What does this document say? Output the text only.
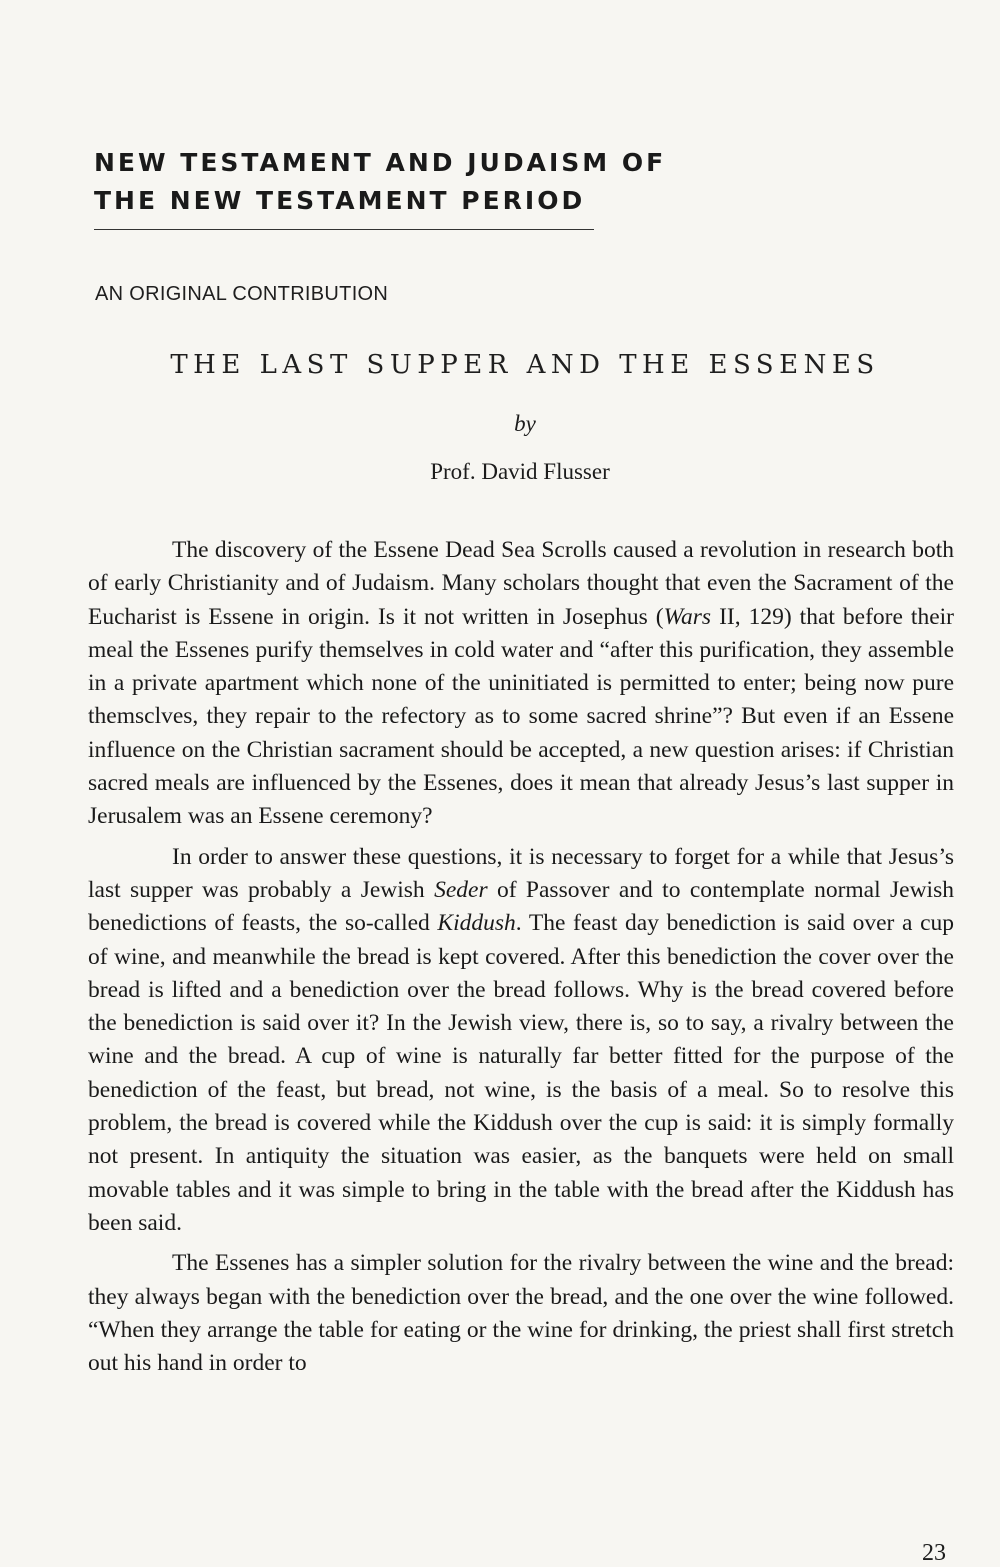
NEW TESTAMENT AND JUDAISM OF
THE NEW TESTAMENT PERIOD
AN ORIGINAL CONTRIBUTION
THE LAST SUPPER AND THE ESSENES
by
Prof. David Flusser

The discovery of the Essene Dead Sea Scrolls caused a revolution in research both of early Christianity and of Judaism. Many scholars thought that even the Sacrament of the Eucharist is Essene in origin. Is it not written in Josephus (Wars II, 129) that before their meal the Essenes purify themselves in cold water and “after this purification, they assemble in a private apartment which none of the uninitiated is permitted to enter; being now pure themsclves, they repair to the refectory as to some sacred shrine”? But even if an Essene influence on the Christian sacrament should be accepted, a new question arises: if Christian sacred meals are influenced by the Essenes, does it mean that already Jesus’s last supper in Jerusalem was an Essene ceremony?

In order to answer these questions, it is necessary to forget for a while that Jesus’s last supper was probably a Jewish Seder of Passover and to contemplate normal Jewish benedictions of feasts, the so-called Kiddush. The feast day benediction is said over a cup of wine, and meanwhile the bread is kept covered. After this benediction the cover over the bread is lifted and a benediction over the bread follows. Why is the bread covered before the benediction is said over it? In the Jewish view, there is, so to say, a rivalry between the wine and the bread. A cup of wine is naturally far better fitted for the purpose of the benediction of the feast, but bread, not wine, is the basis of a meal. So to resolve this problem, the bread is covered while the Kiddush over the cup is said: it is simply formally not present. In antiquity the situation was easier, as the banquets were held on small movable tables and it was simple to bring in the table with the bread after the Kiddush has been said.

The Essenes has a simpler solution for the rivalry between the wine and the bread: they always began with the benediction over the bread, and the one over the wine followed. “When they arrange the table for eating or the wine for drinking, the priest shall first stretch out his hand in order to

23
